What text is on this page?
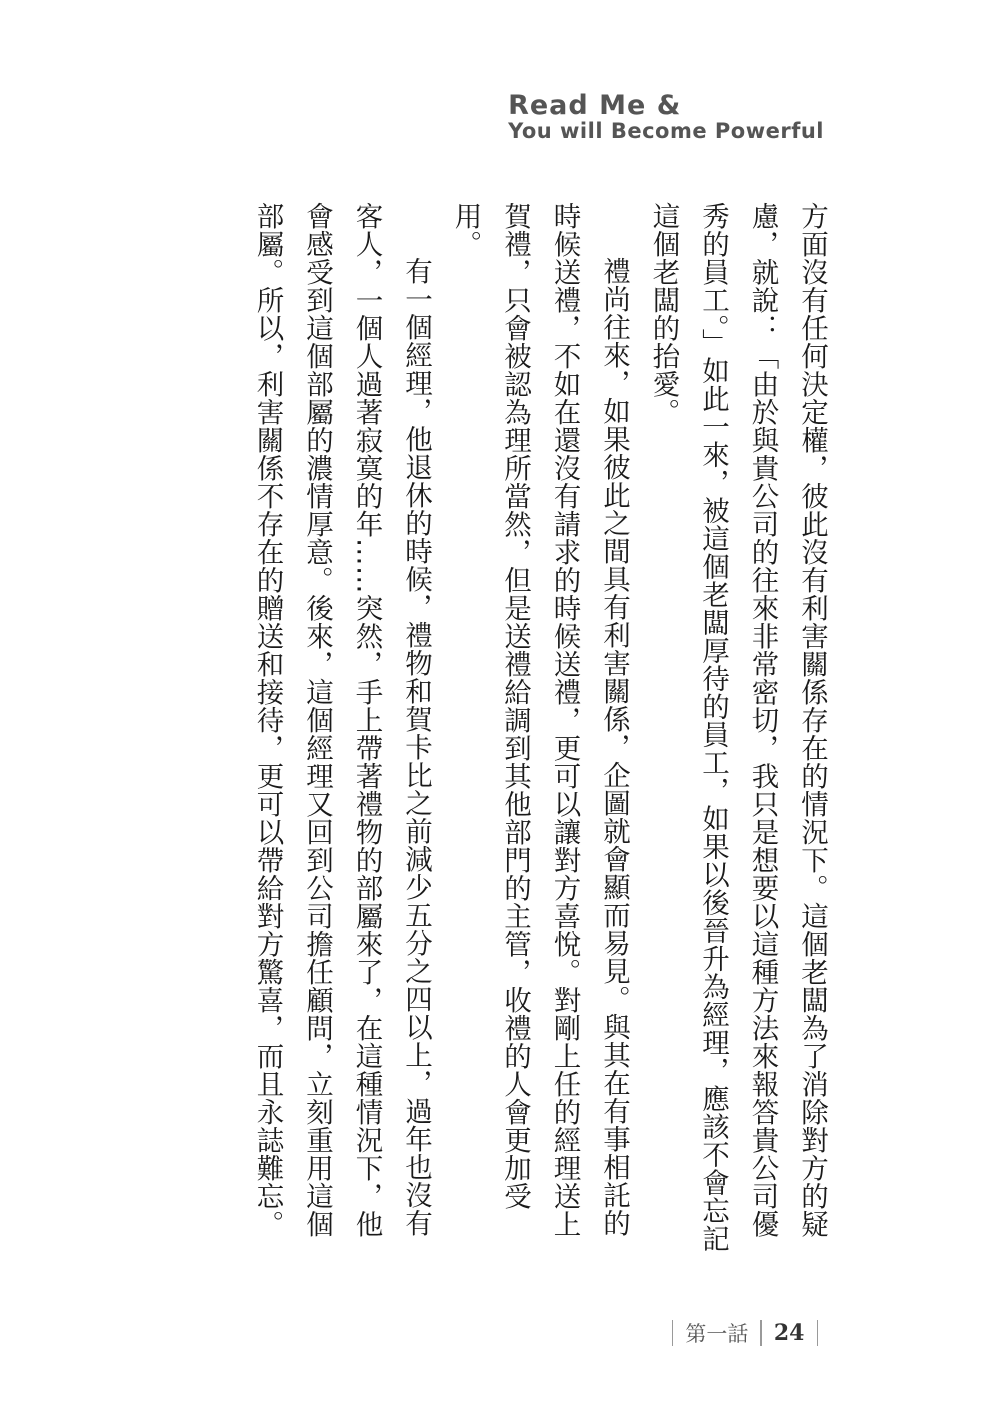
Read Me &
You will Become Powerful

方面沒有任何決定權，彼此沒有利害關係存在的情況下。這個老闆為了消除對方的疑慮，就說：「由於與貴公司的往來非常密切，我只是想要以這種方法來報答貴公司優秀的員工。」如此一來，被這個老闆厚待的員工，如果以後晉升為經理，應該不會忘記這個老闆的抬愛。

禮尚往來，如果彼此之間具有利害關係，企圖就會顯而易見。與其在有事相託的時候送禮，不如在還沒有請求的時候送禮，更可以讓對方喜悅。對剛上任的經理送上賀禮，只會被認為理所當然，但是送禮給調到其他部門的主管，收禮的人會更加受用。

有一個經理，他退休的時候，禮物和賀卡比之前減少五分之四以上，過年也沒有客人，一個人過著寂寞的年……突然，手上帶著禮物的部屬來了，在這種情況下，他會感受到這個部屬的濃情厚意。後來，這個經理又回到公司擔任顧問，立刻重用這個部屬。所以，利害關係不存在的贈送和接待，更可以帶給對方驚喜，而且永誌難忘。

第一話 24
